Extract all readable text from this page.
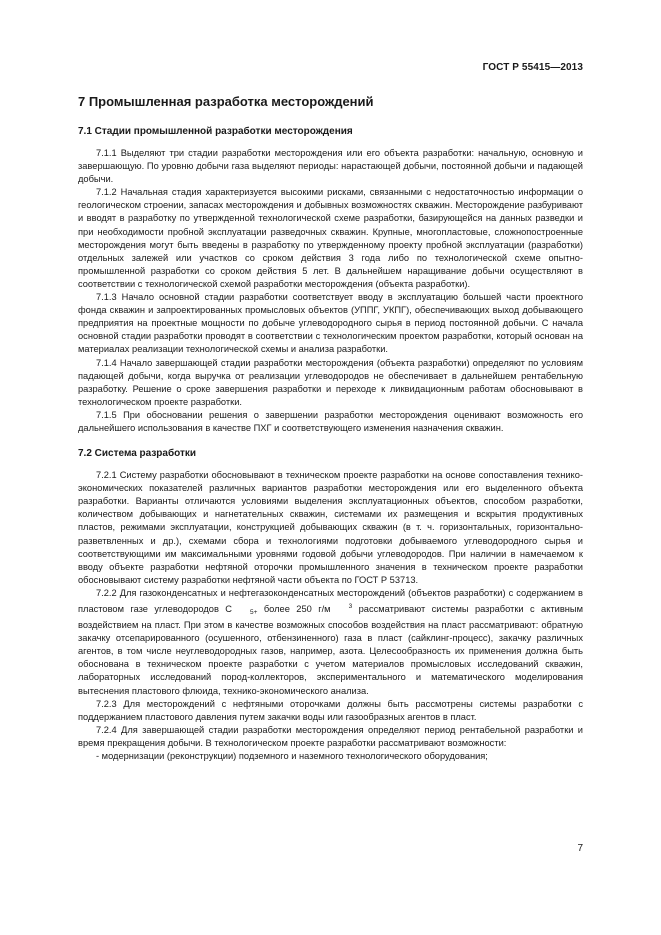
ГОСТ Р 55415—2013
7 Промышленная разработка месторождений
7.1 Стадии промышленной разработки месторождения

7.1.1 Выделяют три стадии разработки месторождения или его объекта разработки: начальную, основную и завершающую. По уровню добычи газа выделяют периоды: нарастающей добычи, постоянной добычи и падающей добычи.

7.1.2 Начальная стадия характеризуется высокими рисками, связанными с недостаточностью информации о геологическом строении, запасах месторождения и добывных возможностях скважин. Месторождение разбуривают и вводят в разработку по утвержденной технологической схеме разработки, базирующейся на данных разведки и при необходимости пробной эксплуатации разведочных скважин. Крупные, многопластовые, сложнопостроенные месторождения могут быть введены в разработку по утвержденному проекту пробной эксплуатации (разработки) отдельных залежей или участков со сроком действия 3 года либо по технологической схеме опытно-промышленной разработки со сроком действия 5 лет. В дальнейшем наращивание добычи осуществляют в соответствии с технологической схемой разработки месторождения (объекта разработки).

7.1.3 Начало основной стадии разработки соответствует вводу в эксплуатацию большей части проектного фонда скважин и запроектированных промысловых объектов (УППГ, УКПГ), обеспечивающих выход добывающего предприятия на проектные мощности по добыче углеводородного сырья в период постоянной добычи. С начала основной стадии разработки проводят в соответствии с технологическим проектом разработки, который основан на материалах реализации технологической схемы и анализа разработки.

7.1.4 Начало завершающей стадии разработки месторождения (объекта разработки) определяют по условиям падающей добычи, когда выручка от реализации углеводородов не обеспечивает в дальнейшем рентабельную разработку. Решение о сроке завершения разработки и переходе к ликвидационным работам обосновывают в технологическом проекте разработки.

7.1.5 При обосновании решения о завершении разработки месторождения оценивают возможность его дальнейшего использования в качестве ПХГ и соответствующего изменения назначения скважин.

7.2 Система разработки

7.2.1 Систему разработки обосновывают в техническом проекте разработки на основе сопоставления технико-экономических показателей различных вариантов разработки месторождения или его выделенного объекта разработки. Варианты отличаются условиями выделения эксплуатационных объектов, способом разработки, количеством добывающих и нагнетательных скважин, системами их размещения и вскрытия продуктивных пластов, режимами эксплуатации, конструкцией добывающих скважин (в т. ч. горизонтальных, горизонтально-разветвленных и др.), схемами сбора и технологиями подготовки добываемого углеводородного сырья и соответствующими им максимальными уровнями годовой добычи углеводородов. При наличии в намечаемом к вводу объекте разработки нефтяной оторочки промышленного значения в техническом проекте разработки обосновывают систему разработки нефтяной части объекта по ГОСТ Р 53713.

7.2.2 Для газоконденсатных и нефтегазоконденсатных месторождений (объектов разработки) с содержанием в пластовом газе углеводородов С	5+ более 250 г/м	3 рассматривают системы разработки с активным воздействием на пласт. При этом в качестве возможных способов воздействия на пласт рассматривают: обратную закачку отсепарированного (осушенного, отбензиненного) газа в пласт (сайклинг-процесс), закачку различных агентов, в том числе неуглеводородных газов, например, азота. Целесообразность их применения должна быть обоснована в техническом проекте разработки с учетом материалов промысловых исследований скважин, лабораторных исследований пород-коллекторов, экспериментального и математического моделирования вытеснения пластового флюида, технико-экономического анализа.

7.2.3 Для месторождений с нефтяными оторочками должны быть рассмотрены системы разработки с поддержанием пластового давления путем закачки воды или газообразных агентов в пласт.

7.2.4 Для завершающей стадии разработки месторождения определяют период рентабельной разработки и время прекращения добычи. В технологическом проекте разработки рассматривают возможности:

- модернизации (реконструкции) подземного и наземного технологического оборудования;

7
